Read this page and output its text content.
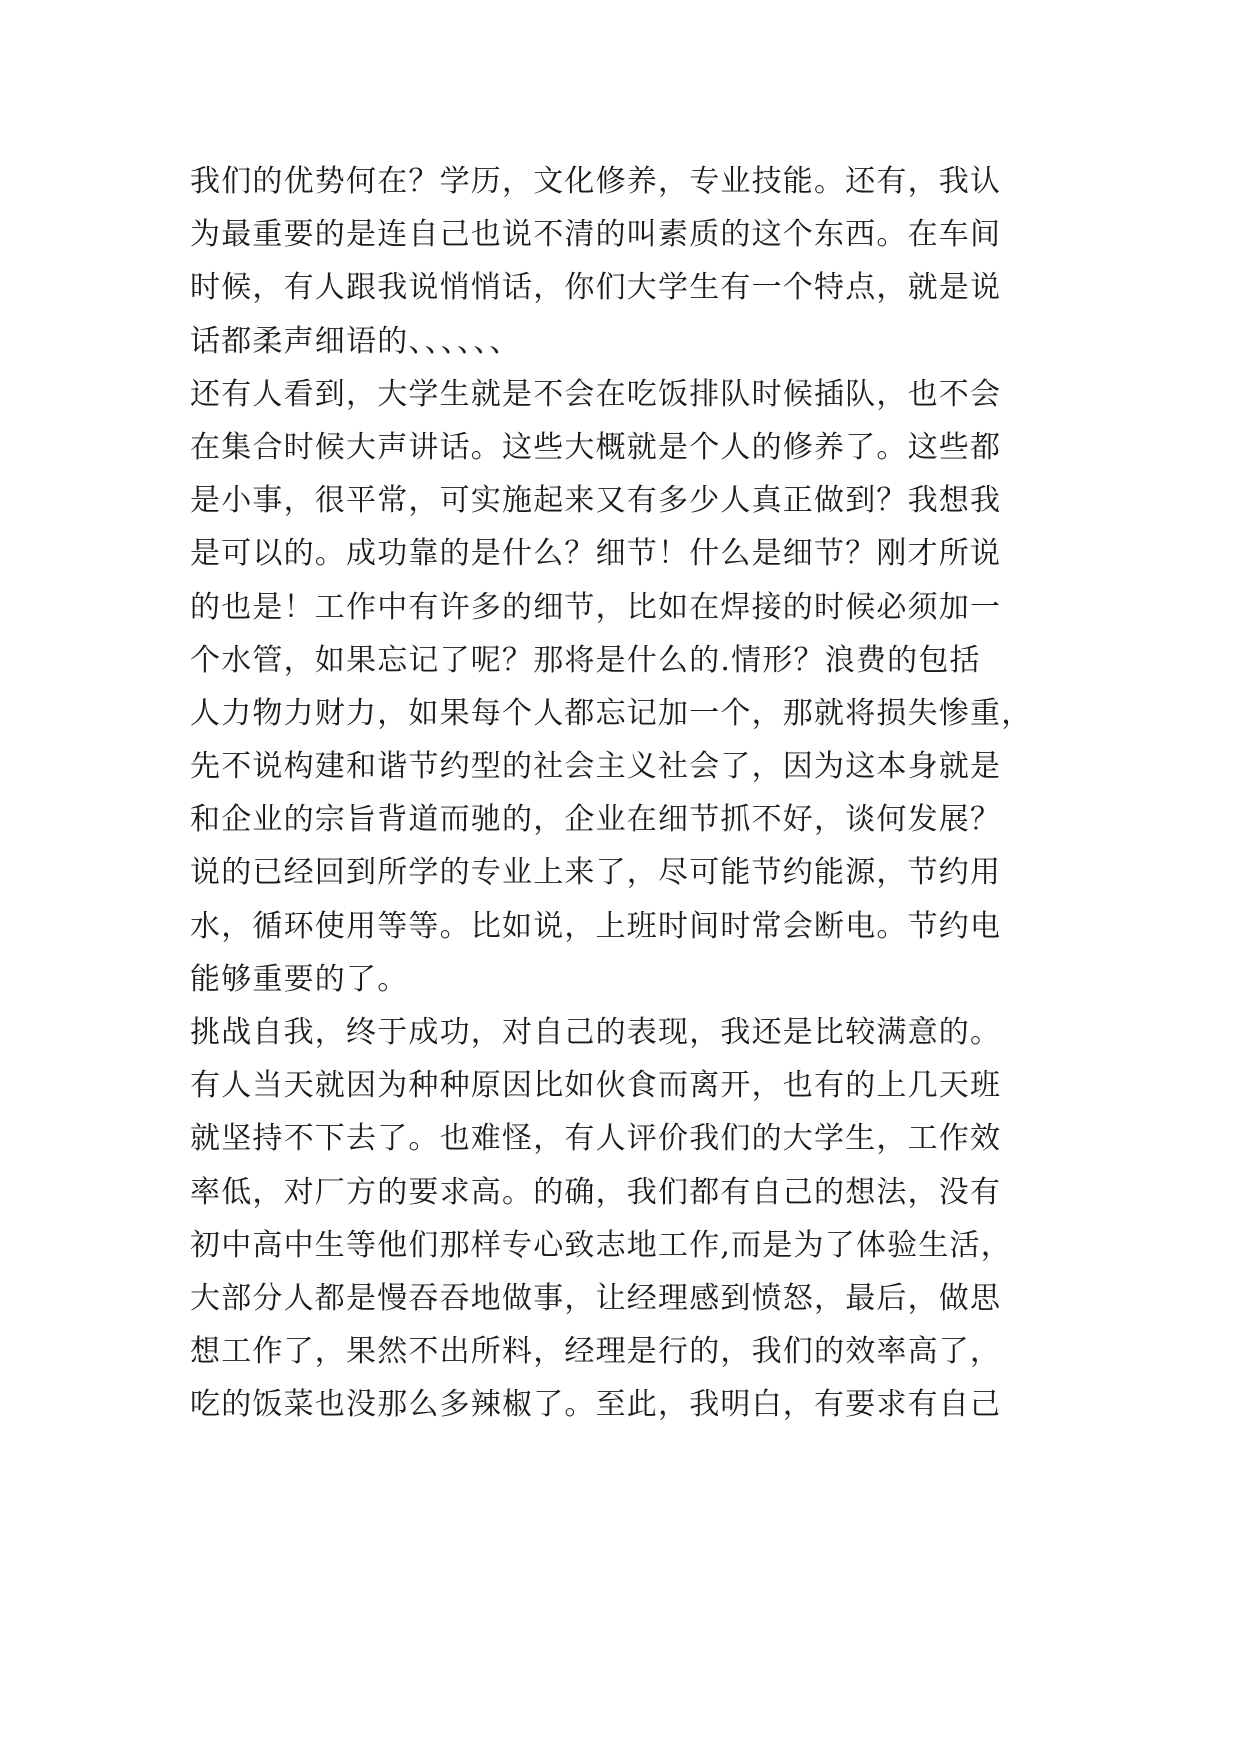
我们的优势何在？学历，文化修养，专业技能。还有，我认
为最重要的是连自己也说不清的叫素质的这个东西。在车间
时候，有人跟我说悄悄话，你们大学生有一个特点，就是说
话都柔声细语的、、、、、、
还有人看到，大学生就是不会在吃饭排队时候插队，也不会
在集合时候大声讲话。这些大概就是个人的修养了。这些都
是小事，很平常，可实施起来又有多少人真正做到？我想我
是可以的。成功靠的是什么？细节！什么是细节？刚才所说
的也是！工作中有许多的细节，比如在焊接的时候必须加一
个水管，如果忘记了呢？那将是什么的.情形？浪费的包括
人力物力财力，如果每个人都忘记加一个，那就将损失惨重，
先不说构建和谐节约型的社会主义社会了，因为这本身就是
和企业的宗旨背道而驰的，企业在细节抓不好，谈何发展？
说的已经回到所学的专业上来了，尽可能节约能源，节约用
水，循环使用等等。比如说，上班时间时常会断电。节约电
能够重要的了。
挑战自我，终于成功，对自己的表现，我还是比较满意的。
有人当天就因为种种原因比如伙食而离开，也有的上几天班
就坚持不下去了。也难怪，有人评价我们的大学生，工作效
率低，对厂方的要求高。的确，我们都有自己的想法，没有
初中高中生等他们那样专心致志地工作,而是为了体验生活，
大部分人都是慢吞吞地做事，让经理感到愤怒，最后，做思
想工作了，果然不出所料，经理是行的，我们的效率高了，
吃的饭菜也没那么多辣椒了。至此，我明白，有要求有自己
